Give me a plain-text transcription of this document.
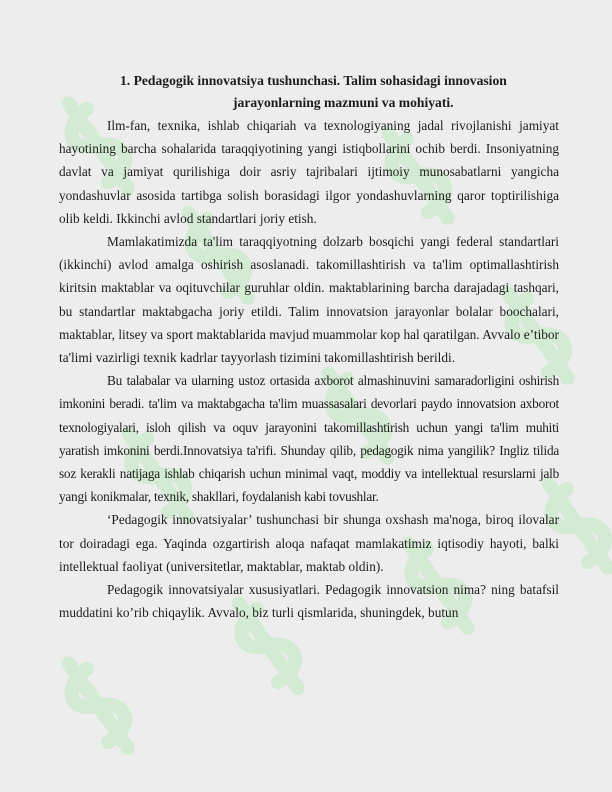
1. Pedagogik innovatsiya tushunchasi. Talim sohasidagi innovasion
jarayonlarning mazmuni va mohiyati.

Ilm-fan, texnika, ishlab chiqariah va texnologiyaning jadal rivojlanishi jamiyat hayotining barcha sohalarida taraqqiyotining yangi istiqbollarini ochib berdi. Insoniyatning davlat va jamiyat qurilishiga doir asriy tajribalari ijtimoiy munosabatlarni yangicha yondashuvlar asosida tartibga solish borasidagi ilgor yondashuvlarning qaror toptirilishiga olib keldi. Ikkinchi avlod standartlari joriy etish.

Mamlakatimizda ta'lim taraqqiyotning dolzarb bosqichi yangi federal standartlari (ikkinchi) avlod amalga oshirish asoslanadi. takomillashtirish va ta'lim optimallashtirish kiritsin maktablar va oqituvchilar guruhlar oldin. maktablarining barcha darajadagi tashqari, bu standartlar maktabgacha joriy etildi. Talim innovatsion jarayonlar bolalar boochalari, maktablar, litsey va sport maktablarida mavjud muammolar kop hal qaratilgan. Avvalo e’tibor ta'limi vazirligi texnik kadrlar tayyorlash tizimini takomillashtirish berildi.

Bu talabalar va ularning ustoz ortasida axborot almashinuvini samaradorligini oshirish imkonini beradi. ta'lim va maktabgacha ta'lim muassasalari devorlari paydo innovatsion axborot texnologiyalari, isloh qilish va oquv jarayonini takomillashtirish uchun yangi ta'lim muhiti yaratish imkonini berdi.Innovatsiya ta'rifi. Shunday qilib, pedagogik nima yangilik? Ingliz tilida soz kerakli natijaga ishlab chiqarish uchun minimal vaqt, moddiy va intellektual resurslarni jalb yangi konikmalar, texnik, shakllari, foydalanish kabi tovushlar.

‘Pedagogik innovatsiyalar’ tushunchasi bir shunga oxshash ma'noga, biroq ilovalar tor doiradagi ega. Yaqinda ozgartirish aloqa nafaqat mamlakatimiz iqtisodiy hayoti, balki intellektual faoliyat (universitetlar, maktablar, maktab oldin).

Pedagogik innovatsiyalar xususiyatlari. Pedagogik innovatsion nima? ning batafsil muddatini ko’rib chiqaylik. Avvalo, biz turli qismlarida, shuningdek, butun
